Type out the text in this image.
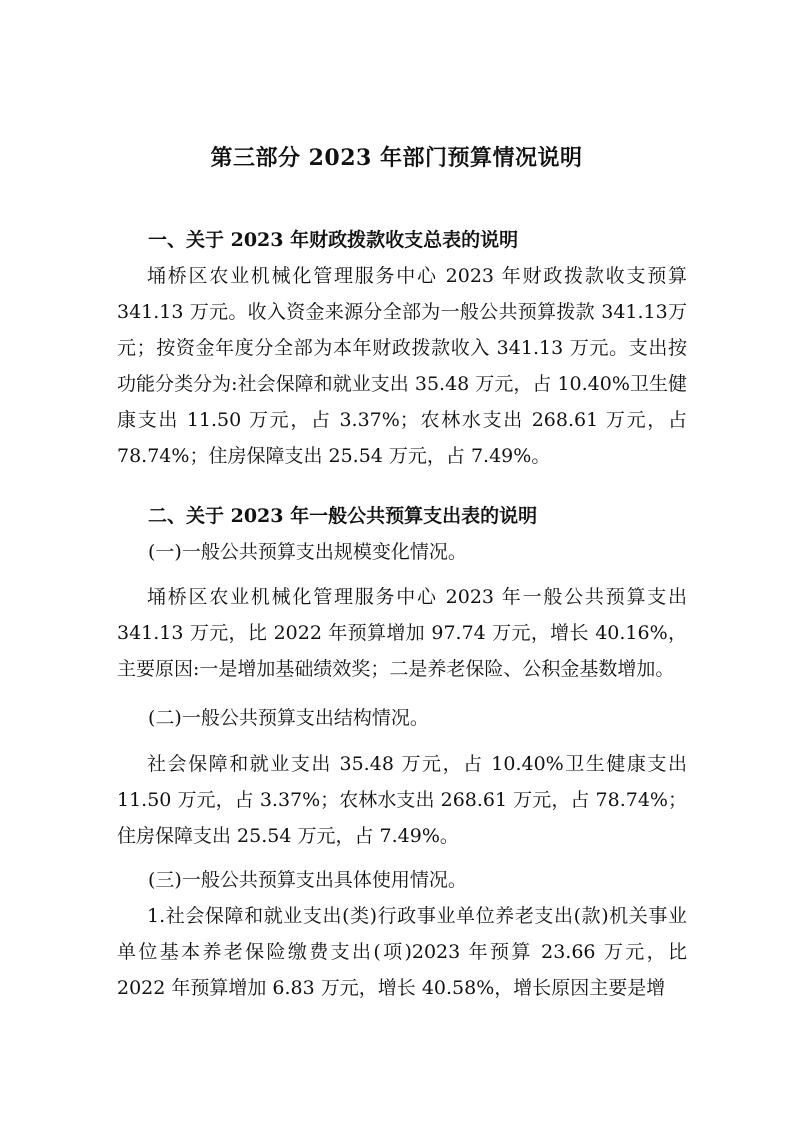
第三部分 2023 年部门预算情况说明
一、关于 2023 年财政拨款收支总表的说明
埇桥区农业机械化管理服务中心 2023 年财政拨款收支预算341.13 万元。收入资金来源分全部为一般公共预算拨款 341.13万元；按资金年度分全部为本年财政拨款收入 341.13 万元。支出按功能分类分为:社会保障和就业支出 35.48 万元，占 10.40%卫生健康支出 11.50 万元，占 3.37%；农林水支出 268.61 万元，占 78.74%；住房保障支出 25.54 万元，占 7.49%。
二、关于 2023 年一般公共预算支出表的说明
(一)一般公共预算支出规模变化情况。
埇桥区农业机械化管理服务中心 2023 年一般公共预算支出341.13 万元，比 2022 年预算增加 97.74 万元，增长 40.16%，主要原因:一是增加基础绩效奖；二是养老保险、公积金基数增加。
(二)一般公共预算支出结构情况。
社会保障和就业支出 35.48 万元，占 10.40%卫生健康支出11.50 万元，占 3.37%；农林水支出 268.61 万元，占 78.74%；住房保障支出 25.54 万元，占 7.49%。
(三)一般公共预算支出具体使用情况。
1.社会保障和就业支出(类)行政事业单位养老支出(款)机关事业单位基本养老保险缴费支出(项)2023 年预算 23.66 万元，比 2022 年预算增加 6.83 万元，增长 40.58%，增长原因主要是增
